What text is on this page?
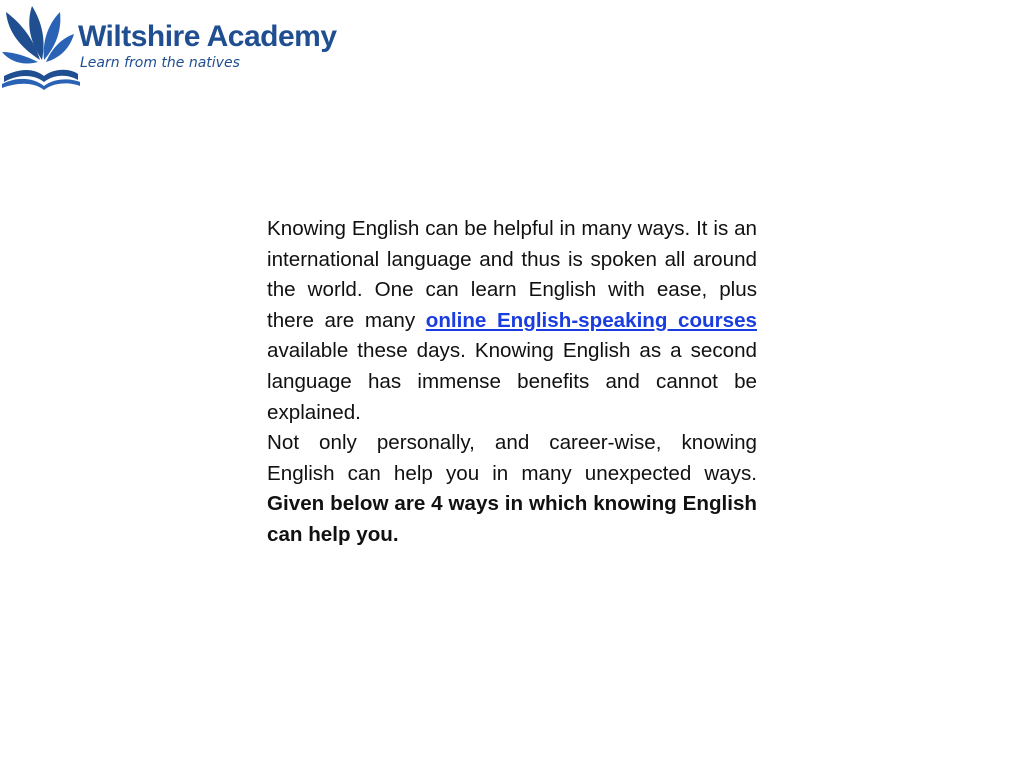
Wiltshire Academy
Learn from the natives

Knowing English can be helpful in many ways. It is an international language and thus is spoken all around the world. One can learn English with ease, plus there are many online English-speaking courses available these days. Knowing English as a second language has immense benefits and cannot be explained.

Not only personally, and career-wise, knowing English can help you in many unexpected ways. Given below are 4 ways in which knowing English can help you.
